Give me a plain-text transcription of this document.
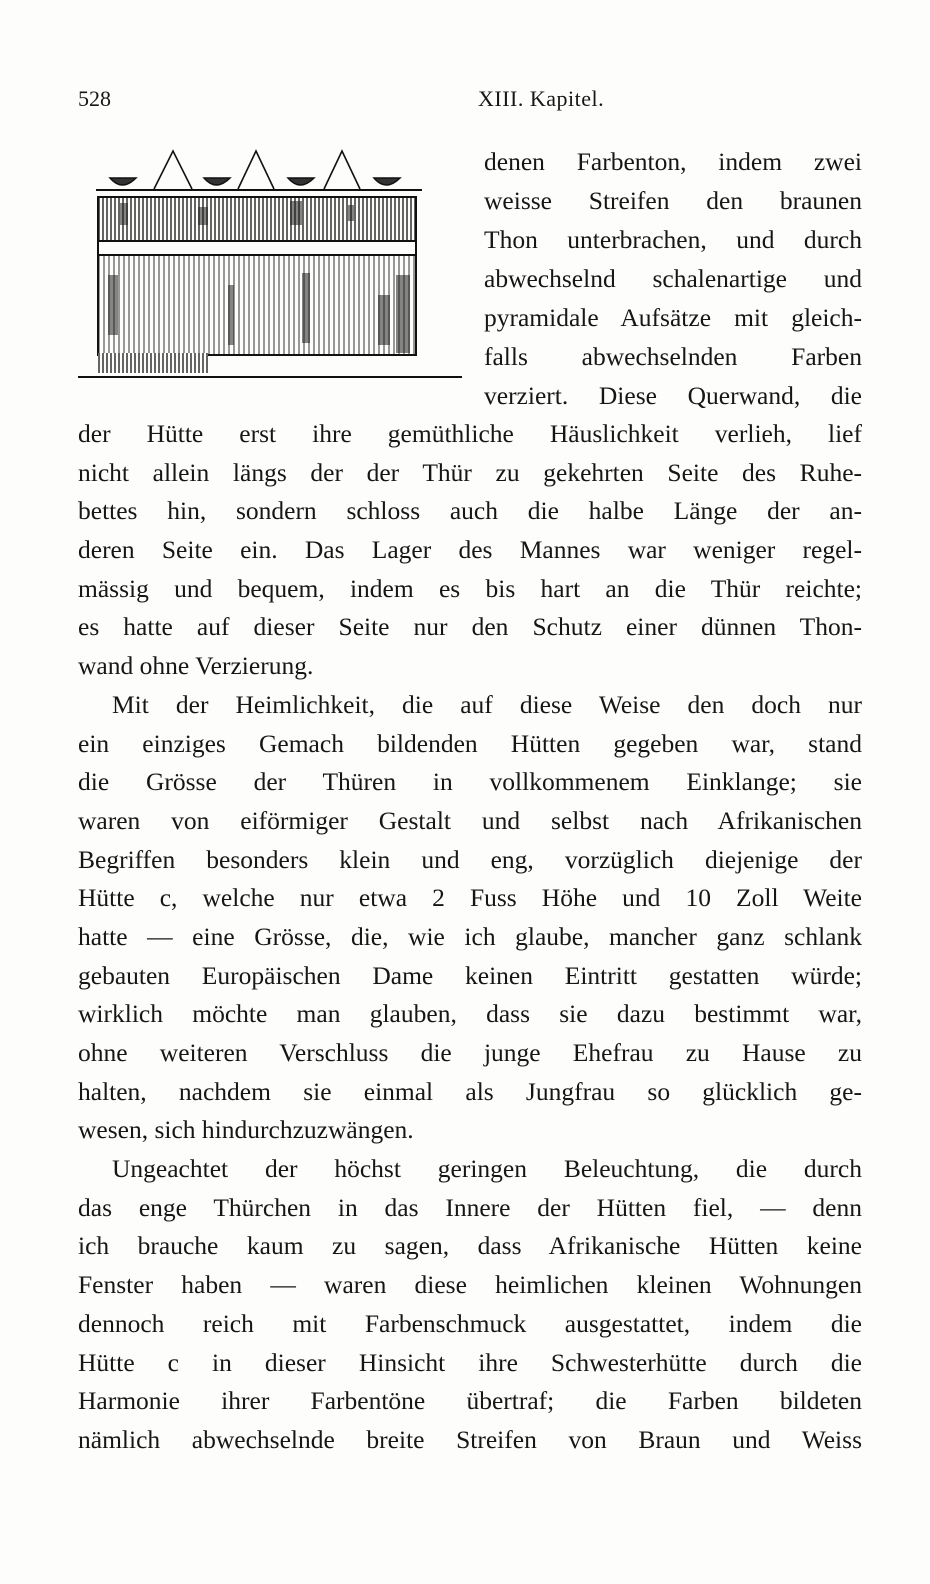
528	XIII. Kapitel.
denen Farbenton, indem zwei
weisse Streifen den braunen
Thon unterbrachen, und durch
abwechselnd schalenartige und
pyramidale Aufsätze mit gleich-
falls abwechselnden Farben
verziert. Diese Querwand, die
der Hütte erst ihre gemüthliche Häuslichkeit verlieh, lief
nicht allein längs der der Thür zu gekehrten Seite des Ruhe-
bettes hin, sondern schloss auch die halbe Länge der an-
deren Seite ein. Das Lager des Mannes war weniger regel-
mässig und bequem, indem es bis hart an die Thür reichte;
es hatte auf dieser Seite nur den Schutz einer dünnen Thon-
wand ohne Verzierung.
Mit der Heimlichkeit, die auf diese Weise den doch nur
ein einziges Gemach bildenden Hütten gegeben war, stand
die Grösse der Thüren in vollkommenem Einklange; sie
waren von eiförmiger Gestalt und selbst nach Afrikanischen
Begriffen besonders klein und eng, vorzüglich diejenige der
Hütte c, welche nur etwa 2 Fuss Höhe und 10 Zoll Weite
hatte — eine Grösse, die, wie ich glaube, mancher ganz schlank
gebauten Europäischen Dame keinen Eintritt gestatten würde;
wirklich möchte man glauben, dass sie dazu bestimmt war,
ohne weiteren Verschluss die junge Ehefrau zu Hause zu
halten, nachdem sie einmal als Jungfrau so glücklich ge-
wesen, sich hindurchzuzwängen.
Ungeachtet der höchst geringen Beleuchtung, die durch
das enge Thürchen in das Innere der Hütten fiel, — denn
ich brauche kaum zu sagen, dass Afrikanische Hütten keine
Fenster haben — waren diese heimlichen kleinen Wohnungen
dennoch reich mit Farbenschmuck ausgestattet, indem die
Hütte c in dieser Hinsicht ihre Schwesterhütte durch die
Harmonie ihrer Farbentöne übertraf; die Farben bildeten
nämlich abwechselnde breite Streifen von Braun und Weiss
